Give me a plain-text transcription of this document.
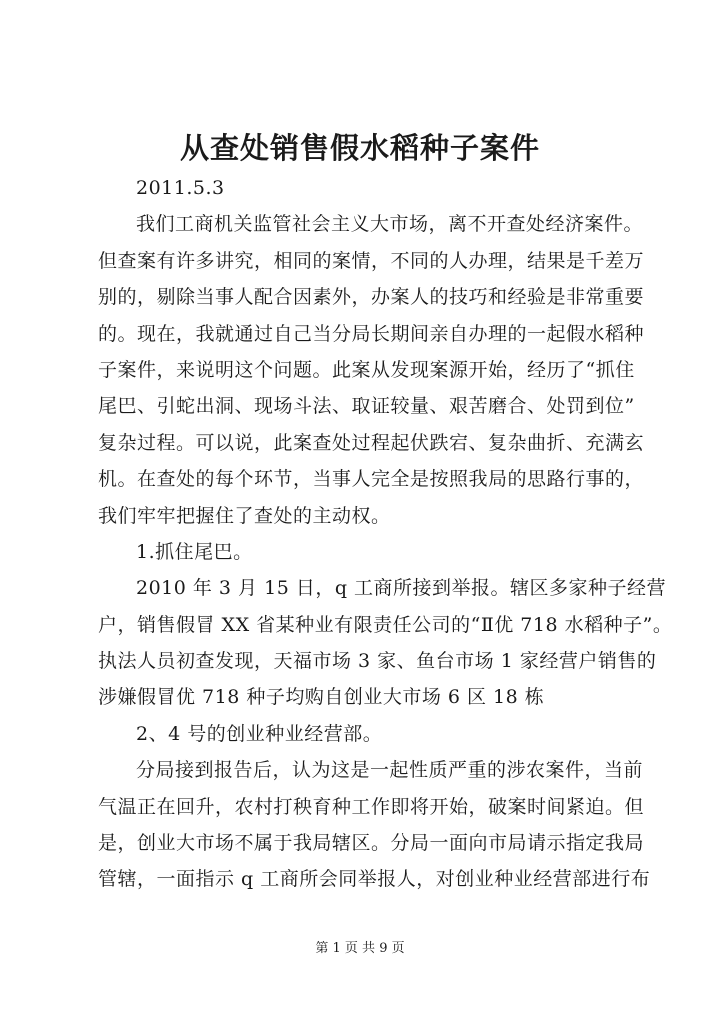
从查处销售假水稻种子案件
2011.5.3
我们工商机关监管社会主义大市场，离不开查处经济案件。
但查案有许多讲究，相同的案情，不同的人办理，结果是千差万
别的，剔除当事人配合因素外，办案人的技巧和经验是非常重要
的。现在，我就通过自己当分局长期间亲自办理的一起假水稻种
子案件，来说明这个问题。此案从发现案源开始，经历了“抓住
尾巴、引蛇出洞、现场斗法、取证较量、艰苦磨合、处罚到位”
复杂过程。可以说，此案查处过程起伏跌宕、复杂曲折、充满玄
机。在查处的每个环节，当事人完全是按照我局的思路行事的，
我们牢牢把握住了查处的主动权。
1.抓住尾巴。
2010 年 3 月 15 日，q 工商所接到举报。辖区多家种子经营
户，销售假冒 XX 省某种业有限责任公司的“Ⅱ优 718 水稻种子”。
执法人员初查发现，天福市场 3 家、鱼台市场 1 家经营户销售的
涉嫌假冒优 718 种子均购自创业大市场 6 区 18 栋
2、4 号的创业种业经营部。
分局接到报告后，认为这是一起性质严重的涉农案件，当前
气温正在回升，农村打秧育种工作即将开始，破案时间紧迫。但
是，创业大市场不属于我局辖区。分局一面向市局请示指定我局
管辖，一面指示 q 工商所会同举报人，对创业种业经营部进行布
第 1 页 共 9 页
